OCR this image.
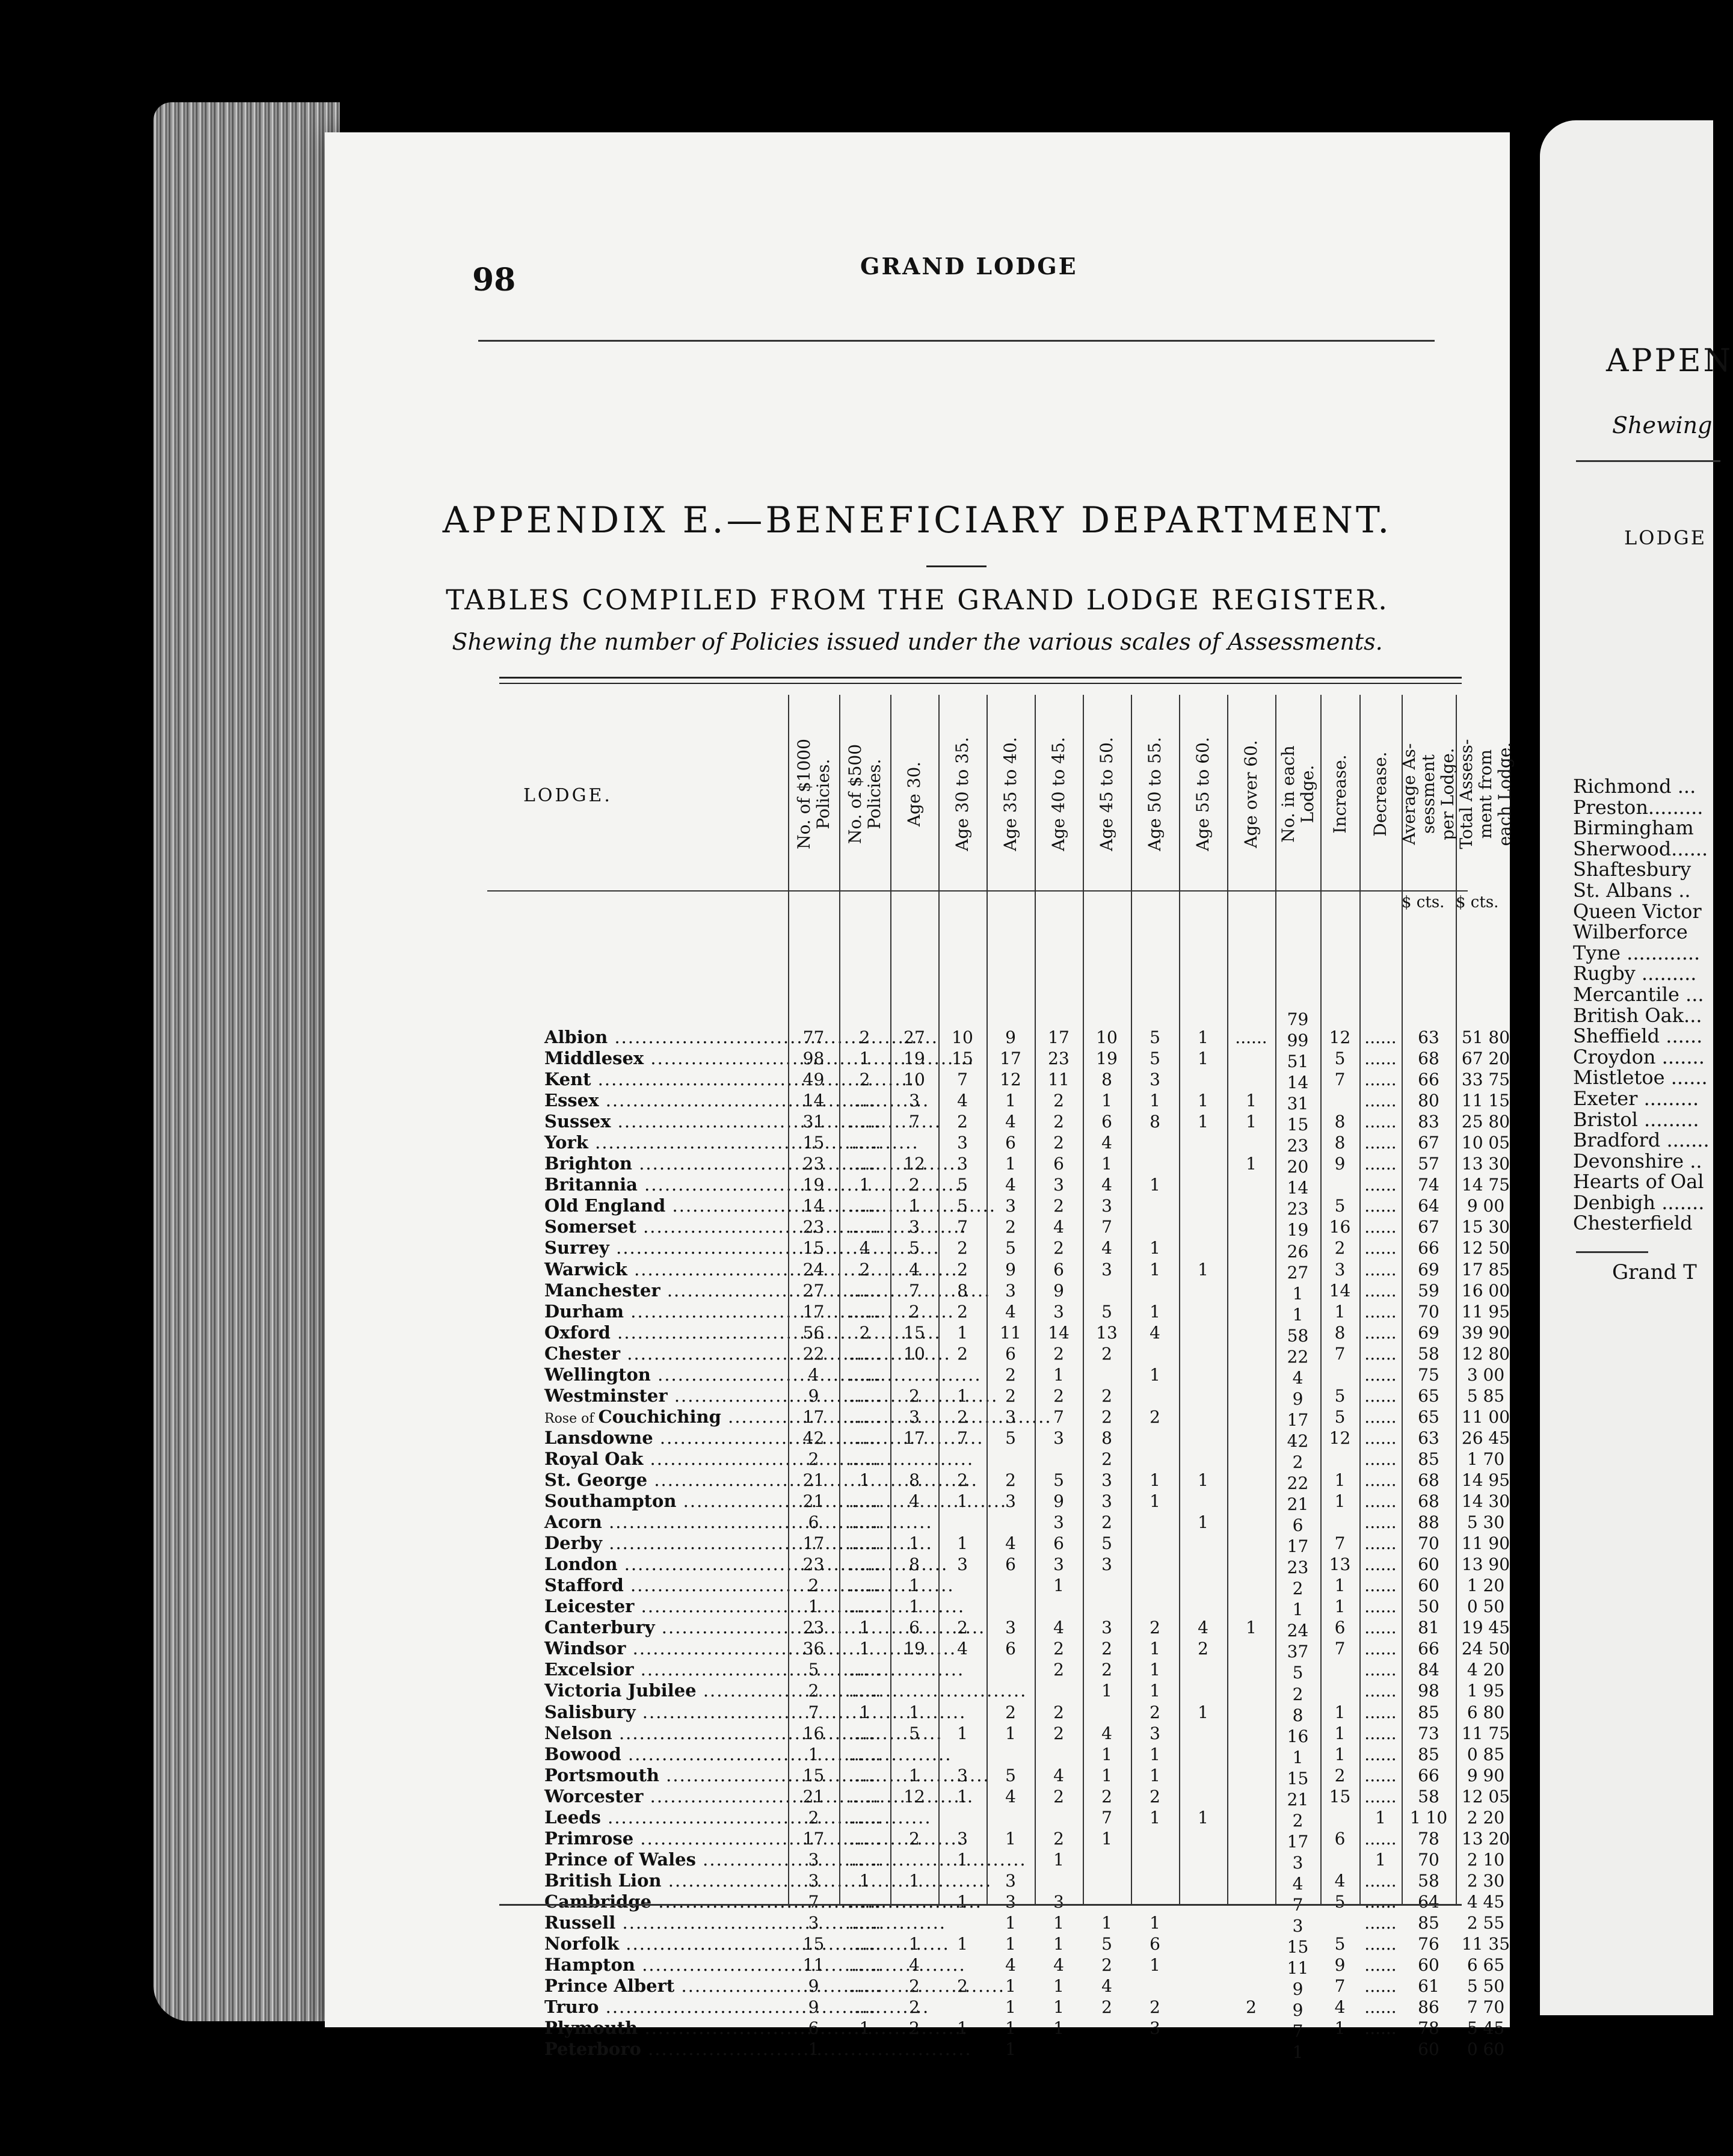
98	GRAND LODGE
APPENDIX E.—BENEFICIARY DEPARTMENT.
TABLES COMPILED FROM THE GRAND LODGE REGISTER.
Shewing the number of Policies issued under the various scales of Assessments.
LODGE.
$ cts. $ cts.
Albion .....
Middlesex .....
Kent .....
Essex .....
Sussex .....
York .....
Brighton .....
Britannia .....
Old England .....
Somerset .....
Surrey .....
Warwick .....
Manchester .....
Durham .....
Oxford .....
Chester .....
Wellington .....
Westminster .....
Rose of Couchiching .....
Lansdowne .....
Royal Oak .....
St. George .....
Southampton .....
Acorn .....
Derby .....
London .....
Stafford .....
Leicester .....
Canterbury .....
Windsor .....
Excelsior .....
Victoria Jubilee .....
Salisbury .....
Nelson .....
Bowood .....
Portsmouth .....
Worcester .....
Leeds .....
Primrose .....
Prince of Wales .....
British Lion .....
Cambridge .....
Russell .....
Norfolk .....
Hampton .....
Prince Albert .....
Truro .....
Plymouth .....
Peterboro .....
No. of $1000
Policies. No. of $500
Policies. Age 30. Age 30 to 35. Age 35 to 40. Age 40 to 45. Age 45 to 50. Age 50 to 55. Age 55 to 60. Age over 60. No. in each
Lodge. Increase. Decrease. Average As-
sessment
per Lodge.
Total Assess-
ment from
each Lodge.
77
98
49
14
31
15
23
19
14
23
15
24
27
17
56
22
4
9
17
42
2
21
21
6
17
23
2
1
23
36
5
2
7
16
1
15
21
2
17
3
3
7
3
15
11
9
9
6
1
2
1
2
......
......
......
......
1
......
......
4
2
......
......
2
......
......
......
......
......
......
1
......
......
......
......
......
......
1
1
......
......
1
......
......
......
......
......
......
......
1
......
......
......
......
......
......
1
27
19
10
3
7
12
2
1
3
5
4
7
2
15
10
2
3
17
8
4
1
8
1
1
6
19
1
5
1
12
2
1
1
4
2
2
2
10
15
7
4
2
3
3
5
5
7
2
2
8
2
1
2
1
2
7
2
1
1
3
2
4
1
3
1
3
1
1
1
2
1
9
17
12
1
4
6
1
4
3
2
5
9
3
4
11
6
2
2
3
5
2
3
4
6
3
6
2
1
5
4
1
3
3
1
1
4
1
1
1
1
17
23
11
2
2
2
6
3
2
4
2
6
9
3
14
2
1
2
7
3
5
9
3
6
3
1
4
2
2
2
2
4
2
2
1
3
1
1
4
1
1
1
10
19
8
1
6
4
1
4
3
7
4
3
5
13
2
2
2
8
2
3
3
2
5
3
3
2
2
1
4
1
1
2
7
1
1
5
2
4
2
5
5
3
1
8
1
1
1
1
4
1
2
1
1
2
1
1
1
2
3
1
1
2
1
1
6
1
2
3
1
1
1
1
1
1
1
4
2
1
1
......
1
1
1
1
2
79
99
51
14
31
15
23
20
14
23
19
26
27
1
1
58
22
4
9
17
42
2
22
21
6
17
23
2
1
24
37
5
2
8
16
1
15
21
2
17
3
4
7
3
15
11
9
9
7
1
12
5
7
8
8
9
5
16
2
3
14
1
8
7
5
5
12
1
1
7
13
1
1
6
7
1
1
1
2
15
6
4
5
5
9
7
4
1
......
......
......
......
......
......
......
......
......
......
......
......
......
......
......
......
......
......
......
......
......
......
......
......
......
......
......
......
......
......
......
......
......
......
......
......
......
1
......
1
......
......
......
......
......
......
......
......
63
68
66
80
83
67
57
74
64
67
66
69
59
70
69
58
75
65
65
63
85
68
68
88
70
60
60
50
81
66
84
98
85
73
85
66
58
1 10
78
70
58
64
85
76
60
61
86
78
60
51 80
67 20
33 75
11 15
25 80
10 05
13 30
14 75
9 00
15 30
12 50
17 85
16 00
11 95
39 90
12 80
3 00
5 85
11 00
26 45
1 70
14 95
14 30
5 30
11 90
13 90
1 20
0 50
19 45
24 50
4 20
1 95
6 80
11 75
0 85
9 90
12 05
2 20
13 20
2 10
2 30
4 45
2 55
11 35
6 65
5 50
7 70
5 45
0 60
APPEN
Shewing
LODGE
Richmond ...
Preston.........
Birmingham
Sherwood......
Shaftesbury
St. Albans ..
Queen Victor
Wilberforce
Tyne ............
Rugby .........
Mercantile ...
British Oak...
Sheffield ......
Croydon .......
Mistletoe ......
Exeter .........
Bristol .........
Bradford .......
Devonshire ..
Hearts of Oal
Denbigh .......
Chesterfield
Grand T
